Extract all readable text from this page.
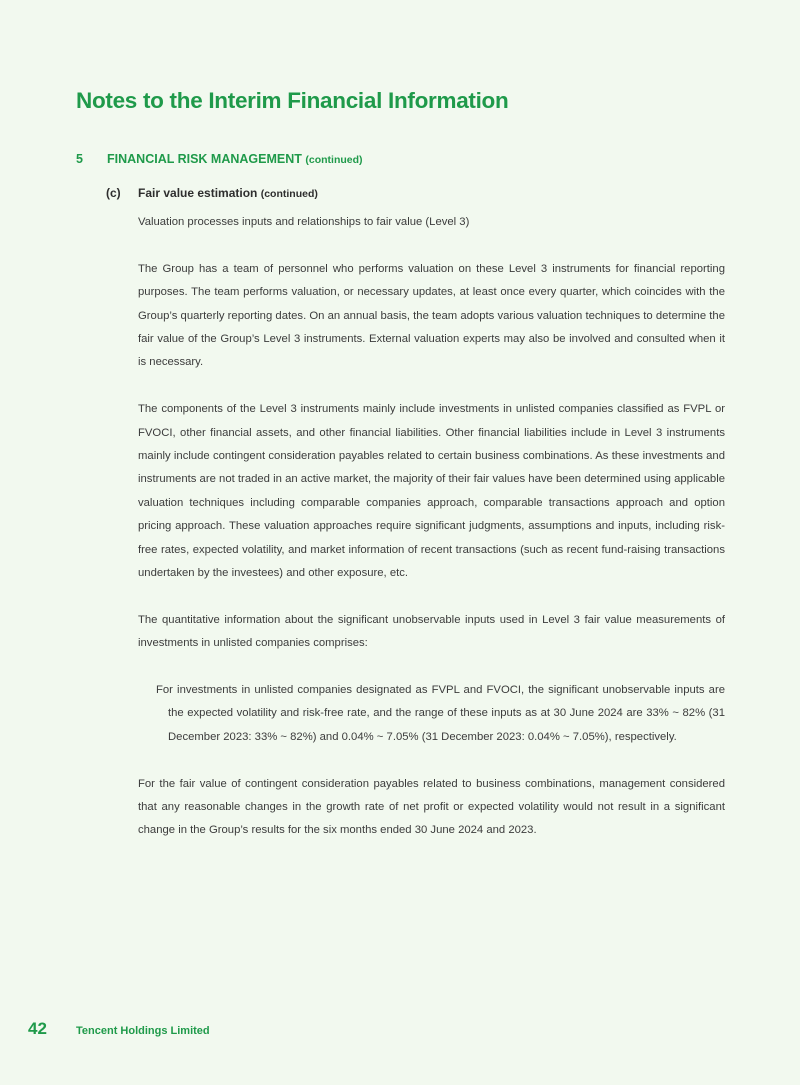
Notes to the Interim Financial Information
5 FINANCIAL RISK MANAGEMENT (continued)
(c) Fair value estimation (continued)

Valuation processes inputs and relationships to fair value (Level 3)

The Group has a team of personnel who performs valuation on these Level 3 instruments for financial reporting purposes. The team performs valuation, or necessary updates, at least once every quarter, which coincides with the Group’s quarterly reporting dates. On an annual basis, the team adopts various valuation techniques to determine the fair value of the Group’s Level 3 instruments. External valuation experts may also be involved and consulted when it is necessary.

The components of the Level 3 instruments mainly include investments in unlisted companies classified as FVPL or FVOCI, other financial assets, and other financial liabilities. Other financial liabilities include in Level 3 instruments mainly include contingent consideration payables related to certain business combinations. As these investments and instruments are not traded in an active market, the majority of their fair values have been determined using applicable valuation techniques including comparable companies approach, comparable transactions approach and option pricing approach. These valuation approaches require significant judgments, assumptions and inputs, including risk-free rates, expected volatility, and market information of recent transactions (such as recent fund-raising transactions undertaken by the investees) and other exposure, etc.

The quantitative information about the significant unobservable inputs used in Level 3 fair value measurements of investments in unlisted companies comprises:

For investments in unlisted companies designated as FVPL and FVOCI, the significant unobservable inputs are the expected volatility and risk-free rate, and the range of these inputs as at 30 June 2024 are 33% ~ 82% (31 December 2023: 33% ~ 82%) and 0.04% ~ 7.05% (31 December 2023: 0.04% ~ 7.05%), respectively.

For the fair value of contingent consideration payables related to business combinations, management considered that any reasonable changes in the growth rate of net profit or expected volatility would not result in a significant change in the Group’s results for the six months ended 30 June 2024 and 2023.

42	Tencent Holdings Limited
